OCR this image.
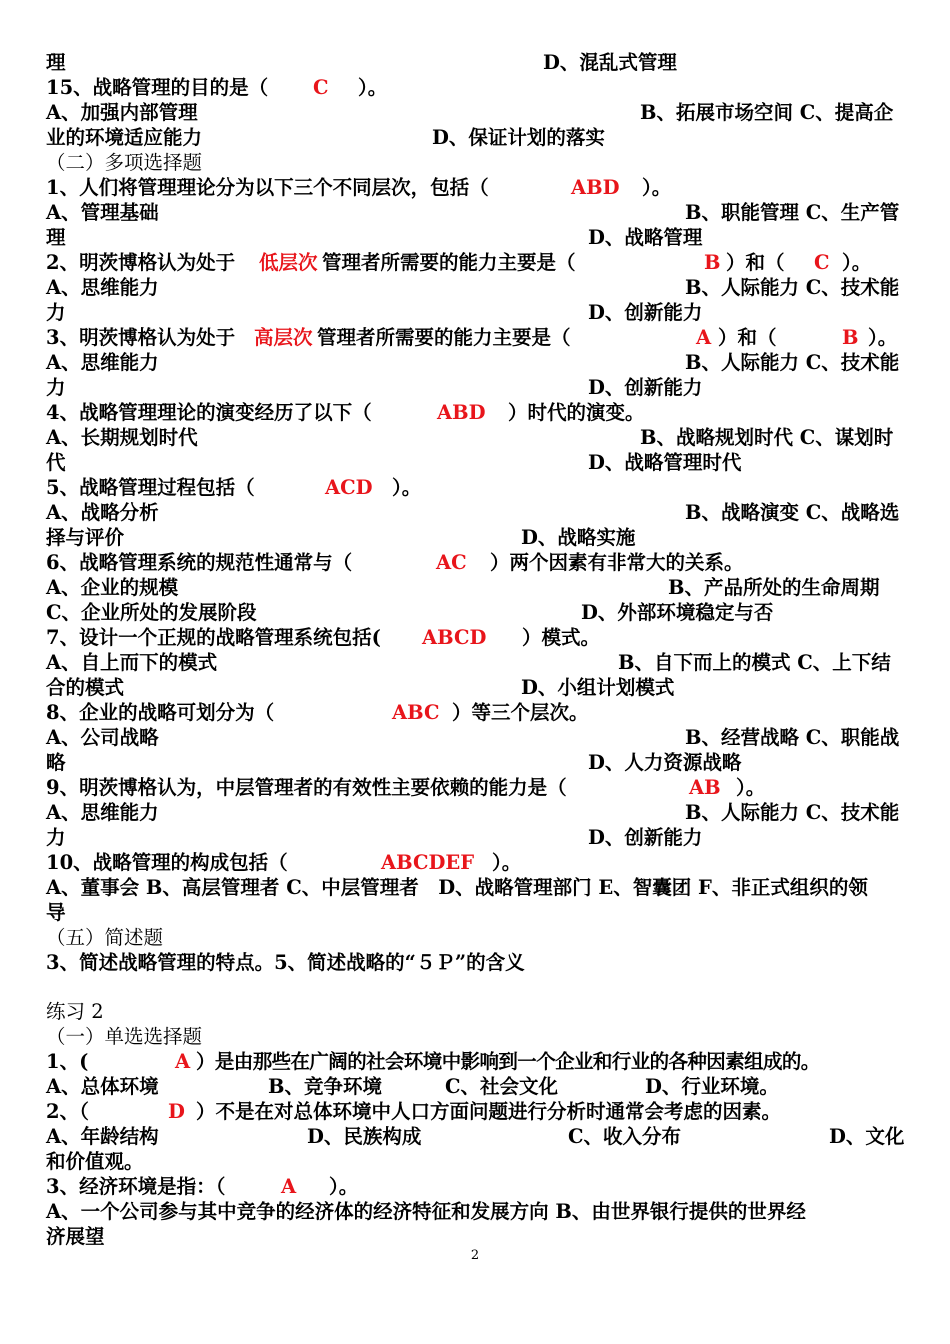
理	D、混乱式管理
15、战略管理的目的是（ C ）。
A、加强内部管理	B、拓展市场空间 C、提高企
业的环境适应能力	D、保证计划的落实
（二）多项选择题
1、人们将管理理论分为以下三个不同层次，包括（	ABD ）。
A、管理基础	B、职能管理 C、生产管
理	D、战略管理
2、明茨博格认为处于 低层次 管理者所需要的能力主要是（	B ）和（ C ）。
A、思维能力	B、人际能力 C、技术能
力	D、创新能力
3、明茨博格认为处于 高层次 管理者所需要的能力主要是（	A ）和（	B ）。
A、思维能力	B、人际能力 C、技术能
力	D、创新能力
4、战略管理理论的演变经历了以下（	ABD ）时代的演变。
A、长期规划时代	B、战略规划时代 C、谋划时
代	D、战略管理时代
5、战略管理过程包括（	ACD ）。
A、战略分析	B、战略演变 C、战略选
择与评价	D、战略实施
6、战略管理系统的规范性通常与（	AC ）两个因素有非常大的关系。
A、企业的规模	B、产品所处的生命周期
C、企业所处的发展阶段	D、外部环境稳定与否
7、设计一个正规的战略管理系统包括( ABCD ）模式。
A、自上而下的模式	B、自下而上的模式 C、上下结
合的模式	D、小组计划模式
8、企业的战略可划分为（	ABC ）等三个层次。
A、公司战略	B、经营战略 C、职能战
略	D、人力资源战略
9、明茨博格认为，中层管理者的有效性主要依赖的能力是（	AB ）。
A、思维能力	B、人际能力 C、技术能
力	D、创新能力
10、战略管理的构成包括（	ABCDEF ）。
A、董事会 B、高层管理者 C、中层管理者　D、战略管理部门 E、智囊团 F、非正式组织的领
导
（五）简述题
3、简述战略管理的特点。5、简述战略的“５Ｐ”的含义
练习 2
（一）单选选择题
1、(	A ）是由那些在广阔的社会环境中影响到一个企业和行业的各种因素组成的。
A、总体环境	B、竞争环境	C、社会文化	D、行业环境。
2、（	D ）不是在对总体环境中人口方面问题进行分析时通常会考虑的因素。
A、年龄结构	D、民族构成	C、收入分布	D、文化
和价值观。
3、经济环境是指：（	A ）。
A、一个公司参与其中竞争的经济体的经济特征和发展方向 B、由世界银行提供的世界经
济展望
2
